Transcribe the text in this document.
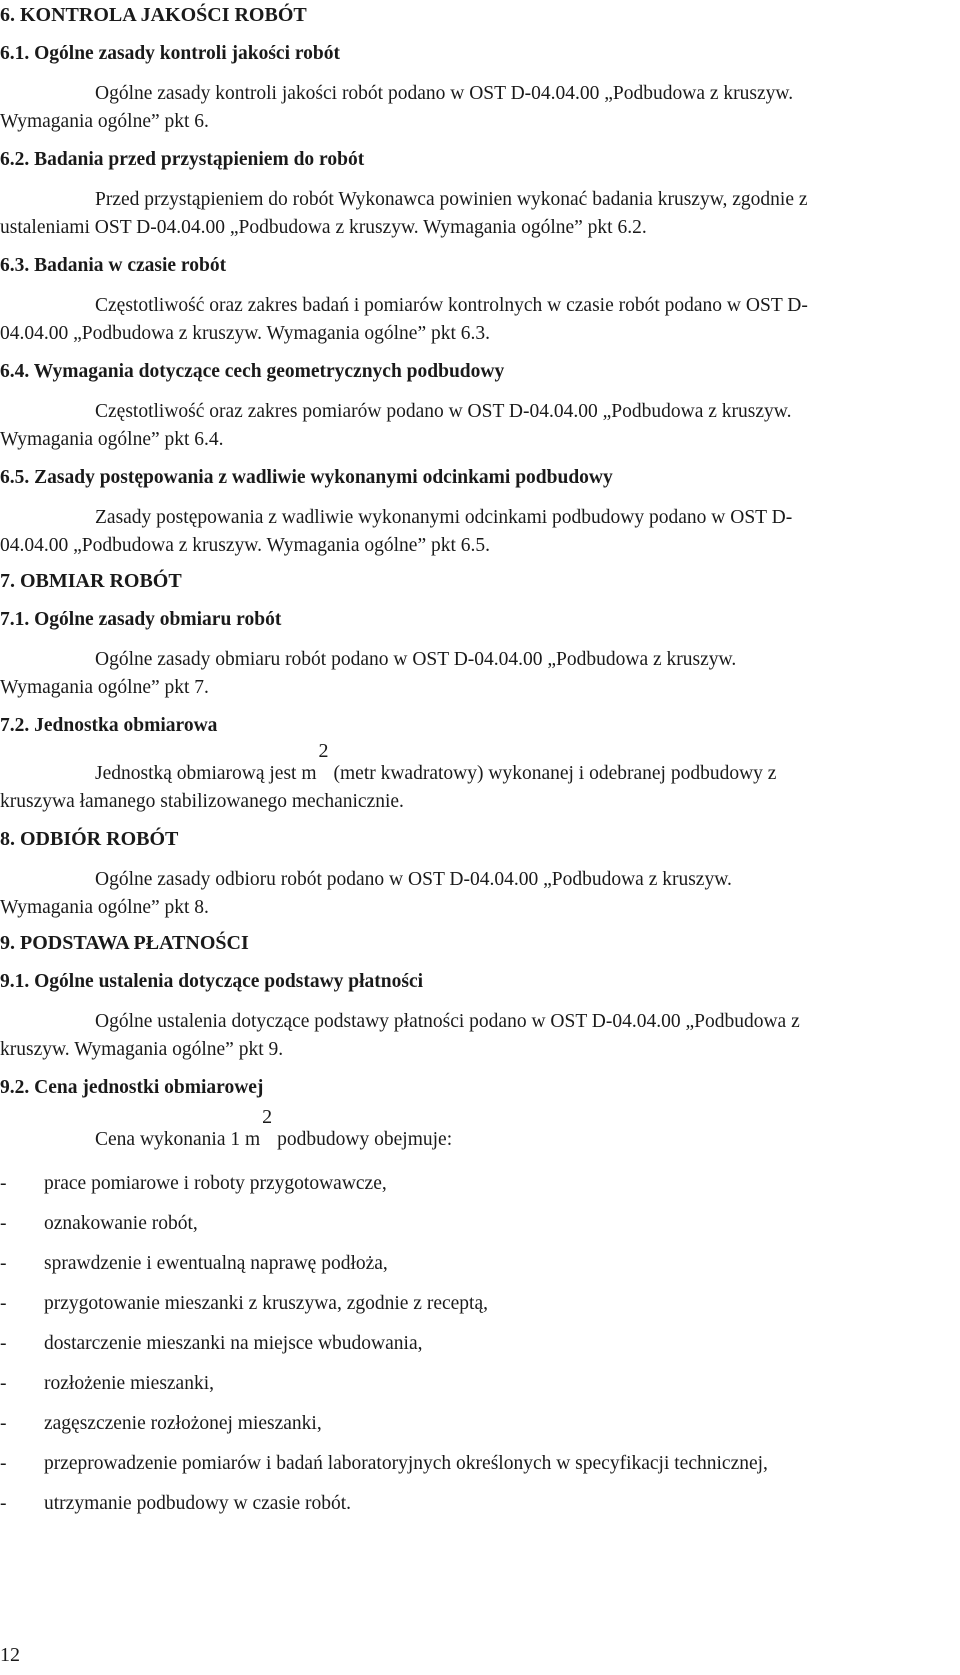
6. KONTROLA JAKOŚCI ROBÓT

6.1. Ogólne zasady kontroli jakości robót

Ogólne zasady kontroli jakości robót podano w OST D-04.04.00 „Podbudowa z kruszyw.

Wymagania ogólne” pkt 6.

6.2. Badania przed przystąpieniem do robót

Przed przystąpieniem do robót Wykonawca powinien wykonać badania kruszyw, zgodnie z

ustaleniami OST D-04.04.00 „Podbudowa z kruszyw. Wymagania ogólne” pkt 6.2.

6.3. Badania w czasie robót

Częstotliwość oraz zakres badań i pomiarów kontrolnych w czasie robót podano w OST D-

04.04.00 „Podbudowa z kruszyw. Wymagania ogólne” pkt 6.3.

6.4. Wymagania dotyczące cech geometrycznych podbudowy

Częstotliwość oraz zakres pomiarów podano w OST D-04.04.00 „Podbudowa z kruszyw.

Wymagania ogólne” pkt 6.4.

6.5. Zasady postępowania z wadliwie wykonanymi odcinkami podbudowy

Zasady postępowania z wadliwie wykonanymi odcinkami podbudowy podano w OST D-

04.04.00 „Podbudowa z kruszyw. Wymagania ogólne” pkt 6.5.

7. OBMIAR ROBÓT

7.1. Ogólne zasady obmiaru robót

Ogólne zasady obmiaru robót podano w OST D-04.04.00 „Podbudowa z kruszyw.

Wymagania ogólne” pkt 7.

7.2. Jednostka obmiarowa

Jednostką obmiarową jest m2(metr kwadratowy) wykonanej i odebranej podbudowy z

kruszywa łamanego stabilizowanego mechanicznie.

8. ODBIÓR ROBÓT

Ogólne zasady odbioru robót podano w OST D-04.04.00 „Podbudowa z kruszyw.

Wymagania ogólne” pkt 8.

9. PODSTAWA PŁATNOŚCI

9.1. Ogólne ustalenia dotyczące podstawy płatności

Ogólne ustalenia dotyczące podstawy płatności podano w OST D-04.04.00 „Podbudowa z

kruszyw. Wymagania ogólne” pkt 9.

9.2. Cena jednostki obmiarowej

Cena wykonania 1 m2podbudowy obejmuje:

- prace pomiarowe i roboty przygotowawcze,
- oznakowanie robót,
- sprawdzenie i ewentualną naprawę podłoża,
- przygotowanie mieszanki z kruszywa, zgodnie z receptą,
- dostarczenie mieszanki na miejsce wbudowania,
- rozłożenie mieszanki,
- zagęszczenie rozłożonej mieszanki,
- przeprowadzenie pomiarów i badań laboratoryjnych określonych w specyfikacji technicznej,
- utrzymanie podbudowy w czasie robót.
12
